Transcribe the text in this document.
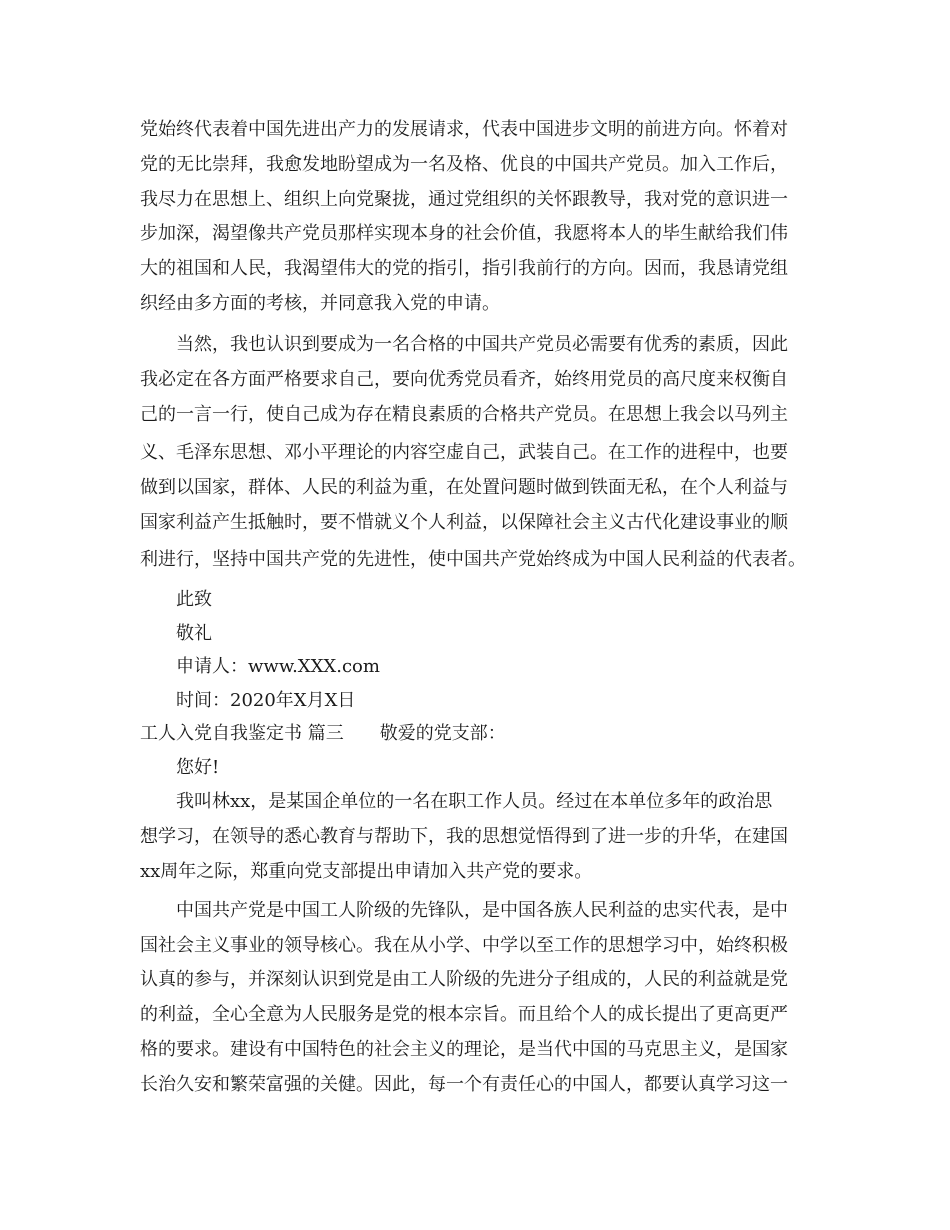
党始终代表着中国先进出产力的发展请求，代表中国进步文明的前进方向。怀着对
党的无比崇拜，我愈发地盼望成为一名及格、优良的中国共产党员。加入工作后，
我尽力在思想上、组织上向党聚拢，通过党组织的关怀跟教导，我对党的意识进一
步加深，渴望像共产党员那样实现本身的社会价值，我愿将本人的毕生献给我们伟
大的祖国和人民，我渴望伟大的党的指引，指引我前行的方向。因而，我恳请党组
织经由多方面的考核，并同意我入党的申请。
当然，我也认识到要成为一名合格的中国共产党员必需要有优秀的素质，因此
我必定在各方面严格要求自己，要向优秀党员看齐，始终用党员的高尺度来权衡自
己的一言一行，使自己成为存在精良素质的合格共产党员。在思想上我会以马列主
义、毛泽东思想、邓小平理论的内容空虚自己，武装自己。在工作的进程中，也要
做到以国家，群体、人民的利益为重，在处置问题时做到铁面无私，在个人利益与
国家利益产生抵触时，要不惜就义个人利益，以保障社会主义古代化建设事业的顺
利进行，坚持中国共产党的先进性，使中国共产党始终成为中国人民利益的代表者。
此致
敬礼
申请人：www.XXX.com
时间：2020年X月X日
工人入党自我鉴定书 篇三 敬爱的党支部：
您好!
我叫林xx，是某国企单位的一名在职工作人员。经过在本单位多年的政治思
想学习，在领导的悉心教育与帮助下，我的思想觉悟得到了进一步的升华，在建国
xx周年之际，郑重向党支部提出申请加入共产党的要求。
中国共产党是中国工人阶级的先锋队，是中国各族人民利益的忠实代表，是中
国社会主义事业的领导核心。我在从小学、中学以至工作的思想学习中，始终积极
认真的参与，并深刻认识到党是由工人阶级的先进分子组成的，人民的利益就是党
的利益，全心全意为人民服务是党的根本宗旨。而且给个人的成长提出了更高更严
格的要求。建设有中国特色的社会主义的理论，是当代中国的马克思主义，是国家
长治久安和繁荣富强的关健。因此，每一个有责任心的中国人，都要认真学习这一
